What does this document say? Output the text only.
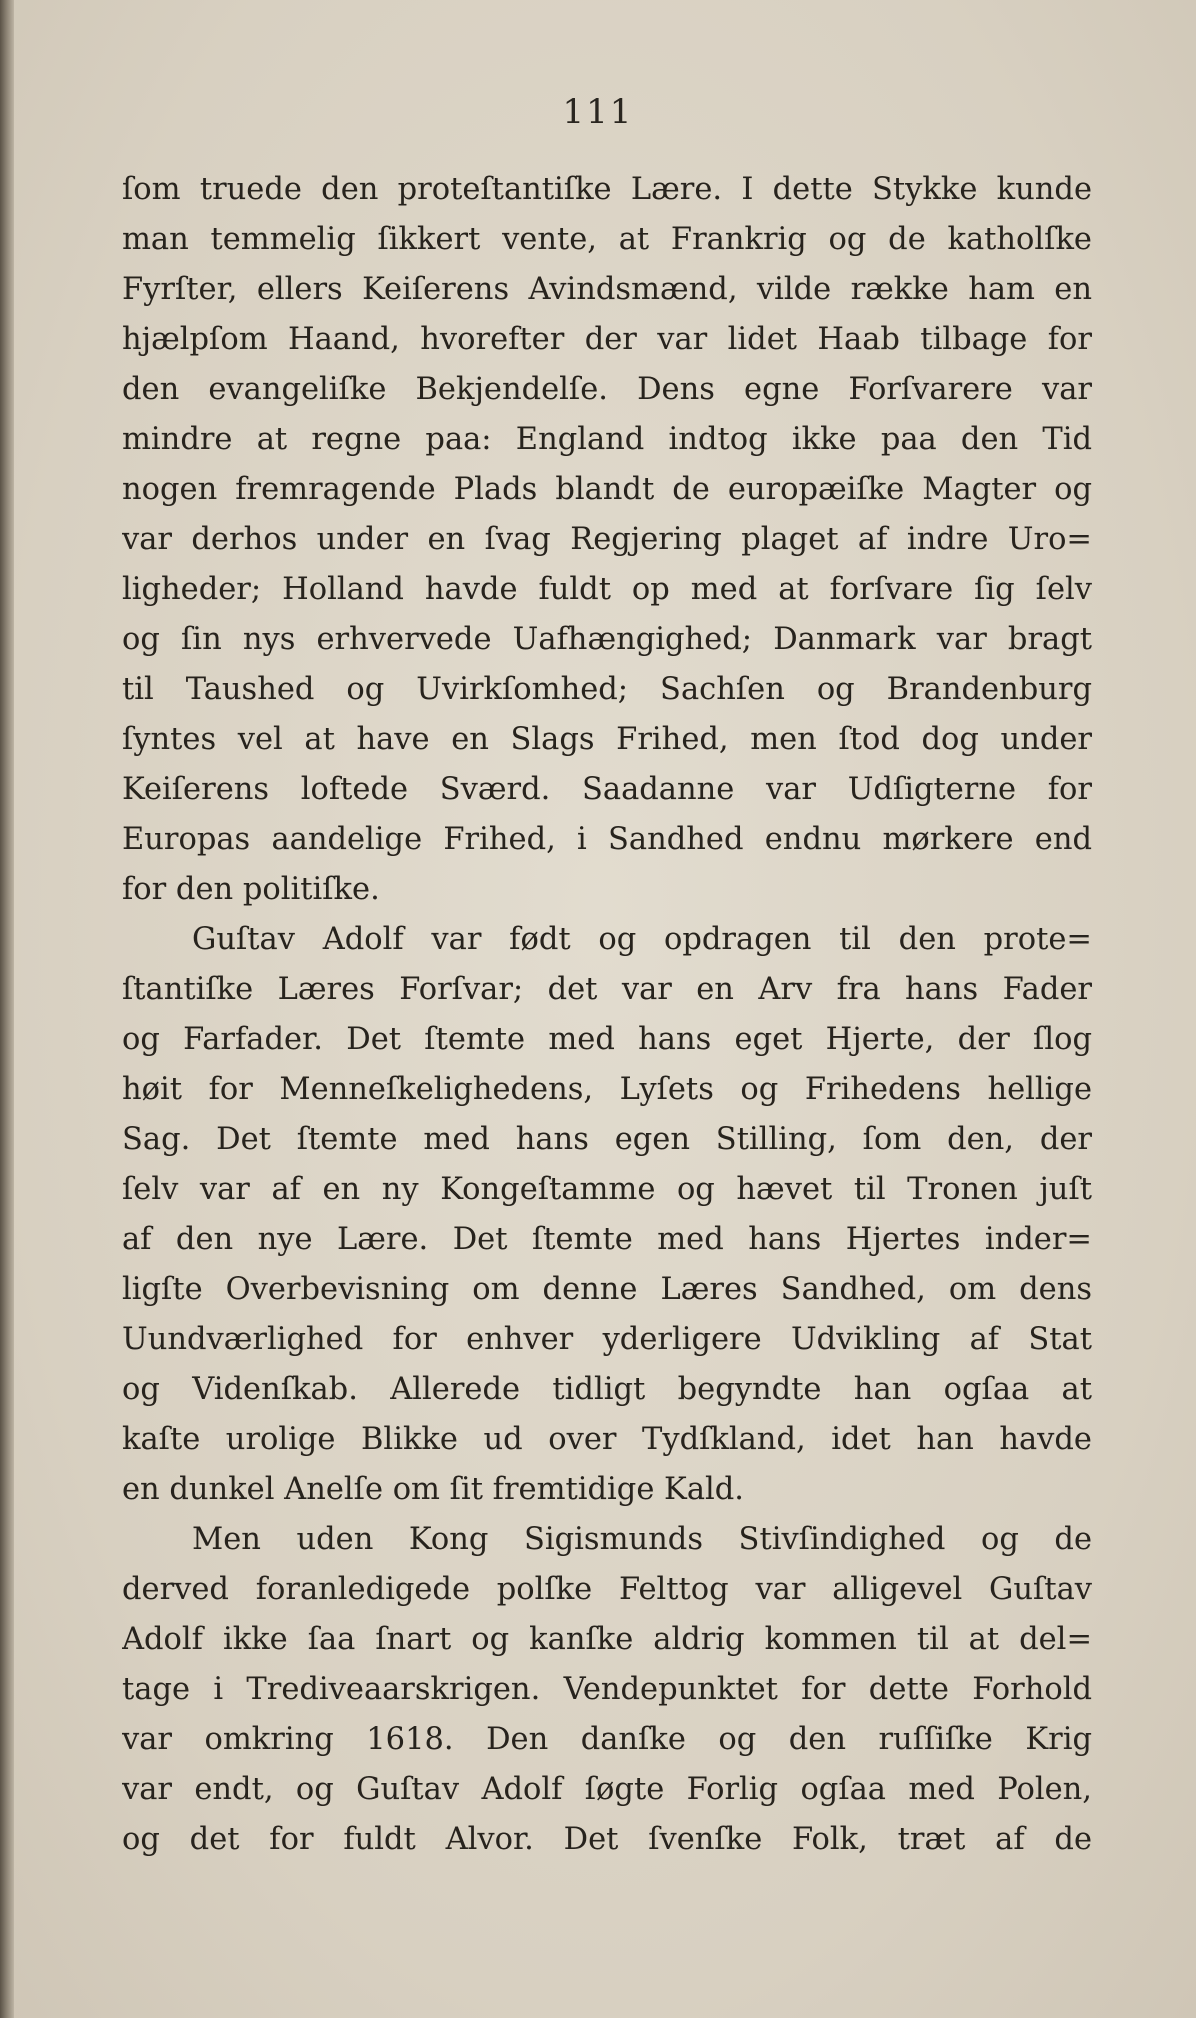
111
ſom truede den proteſtantiſke Lære. I dette Stykke kunde
man temmelig ſikkert vente, at Frankrig og de katholſke
Fyrſter, ellers Keiſerens Avindsmænd, vilde række ham en
hjælpſom Haand, hvorefter der var lidet Haab tilbage for
den evangeliſke Bekjendelſe. Dens egne Forſvarere var
mindre at regne paa: England indtog ikke paa den Tid
nogen fremragende Plads blandt de europæiſke Magter og
var derhos under en ſvag Regjering plaget af indre Uro=
ligheder; Holland havde fuldt op med at forſvare ſig ſelv
og ſin nys erhvervede Uafhængighed; Danmark var bragt
til Taushed og Uvirkſomhed; Sachſen og Brandenburg
ſyntes vel at have en Slags Frihed, men ſtod dog under
Keiſerens loftede Sværd. Saadanne var Udſigterne for
Europas aandelige Frihed, i Sandhed endnu mørkere end
for den politiſke.
Guſtav Adolf var født og opdragen til den prote=
ſtantiſke Læres Forſvar; det var en Arv fra hans Fader
og Farfader. Det ſtemte med hans eget Hjerte, der ſlog
høit for Menneſkelighedens, Lyſets og Frihedens hellige
Sag. Det ſtemte med hans egen Stilling, ſom den, der
ſelv var af en ny Kongeſtamme og hævet til Tronen juſt
af den nye Lære. Det ſtemte med hans Hjertes inder=
ligſte Overbevisning om denne Læres Sandhed, om dens
Uundværlighed for enhver yderligere Udvikling af Stat
og Videnſkab. Allerede tidligt begyndte han ogſaa at
kaſte urolige Blikke ud over Tydſkland, idet han havde
en dunkel Anelſe om ſit fremtidige Kald.
Men uden Kong Sigismunds Stivſindighed og de
derved foranledigede polſke Felttog var alligevel Guſtav
Adolf ikke ſaa ſnart og kanſke aldrig kommen til at del=
tage i Trediveaarskrigen. Vendepunktet for dette Forhold
var omkring 1618. Den danſke og den ruſſiſke Krig
var endt, og Guſtav Adolf ſøgte Forlig ogſaa med Polen,
og det for fuldt Alvor. Det ſvenſke Folk, træt af de
